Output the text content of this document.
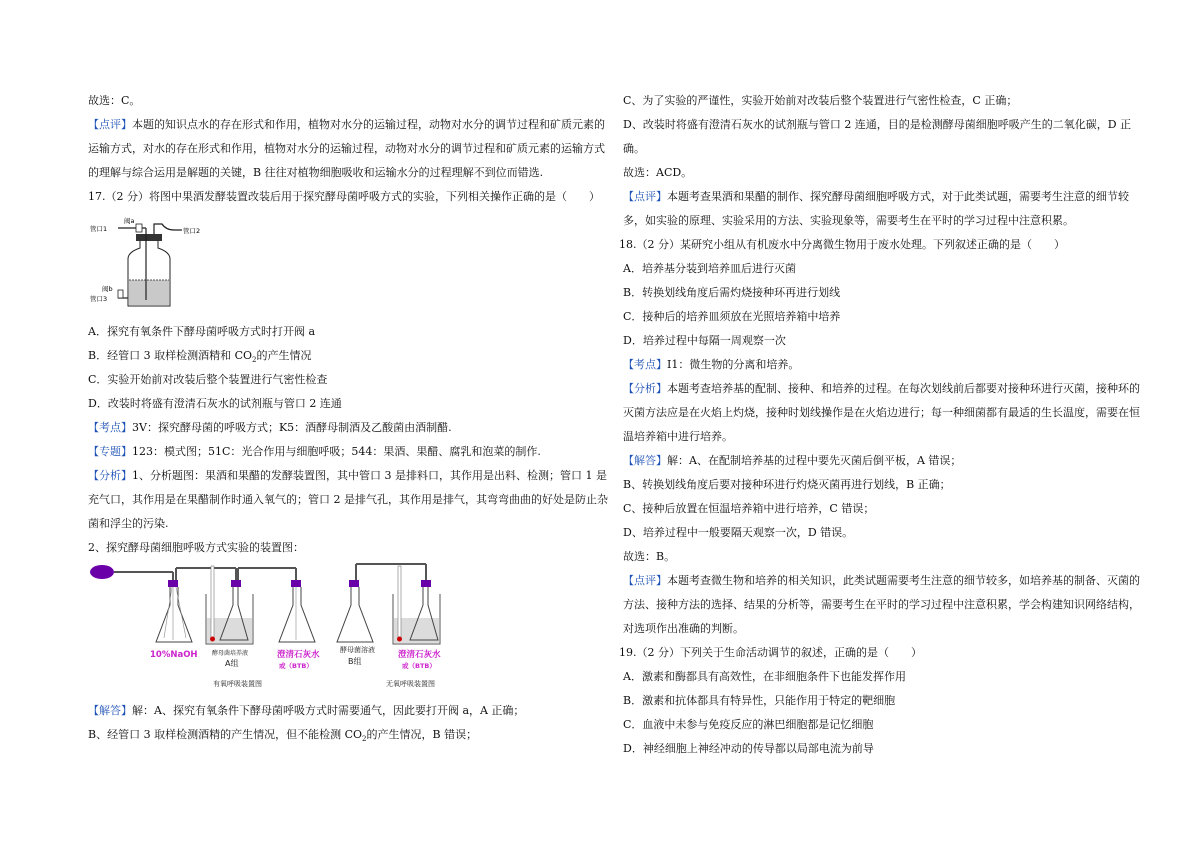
故选：C。

【点评】本题的知识点水的存在形式和作用，植物对水分的运输过程，动物对水分的调节过程和矿质元素的

运输方式，对水的存在形式和作用，植物对水分的运输过程，动物对水分的调节过程和矿质元素的运输方式

的理解与综合运用是解题的关键，B 往往对植物细胞吸收和运输水分的过程理解不到位而错选.

17.（2 分）将图中果酒发酵装置改装后用于探究酵母菌呼吸方式的实验，下列相关操作正确的是（　　）

阀a
管口1	管口2
阀b
管口3

A．探究有氧条件下酵母菌呼吸方式时打开阀 a

B．经管口 3 取样检测酒精和 $CO_2$的产生情况

C．实验开始前对改装后整个装置进行气密性检查

D．改装时将盛有澄清石灰水的试剂瓶与管口 2 连通

【考点】3V：探究酵母菌的呼吸方式；K5：酒酵母制酒及乙酸菌由酒制醋.

【专题】123：模式图；51C：光合作用与细胞呼吸；544：果酒、果醋、腐乳和泡菜的制作.

【分析】1、分析题图：果酒和果醋的发酵装置图，其中管口 3 是排料口，其作用是出料、检测；管口 1 是

充气口，其作用是在果醋制作时通入氧气的；管口 2 是排气孔，其作用是排气，其弯弯曲曲的好处是防止杂

菌和浮尘的污染.

2、探究酵母菌细胞呼吸方式实验的装置图：

10%NaOH 酵母菌培养液
A组
澄清石灰水
或（BTB）
酵母菌溶液
B组
澄清石灰水
或（BTB）
有氧呼吸装置图	无氧呼吸装置图

【解答】解：A、探究有氧条件下酵母菌呼吸方式时需要通气，因此要打开阀 a，A 正确；

B、经管口 3 取样检测酒精的产生情况，但不能检测 $CO_2$的产生情况，B 错误；

C、为了实验的严谨性，实验开始前对改装后整个装置进行气密性检查，C 正确；

D、改装时将盛有澄清石灰水的试剂瓶与管口 2 连通，目的是检测酵母菌细胞呼吸产生的二氧化碳，D 正

确。

故选：ACD。

【点评】本题考查果酒和果醋的制作、探究酵母菌细胞呼吸方式，对于此类试题，需要考生注意的细节较

多，如实验的原理、实验采用的方法、实验现象等，需要考生在平时的学习过程中注意积累。

18.（2 分）某研究小组从有机废水中分离微生物用于废水处理。下列叙述正确的是（　　）

A．培养基分装到培养皿后进行灭菌

B．转换划线角度后需灼烧接种环再进行划线

C．接种后的培养皿须放在光照培养箱中培养

D．培养过程中每隔一周观察一次

【考点】I1：微生物的分离和培养。

【分析】本题考查培养基的配制、接种、和培养的过程。在每次划线前后都要对接种环进行灭菌，接种环的

灭菌方法应是在火焰上灼烧，接种时划线操作是在火焰边进行；每一种细菌都有最适的生长温度，需要在恒

温培养箱中进行培养。

【解答】解：A、在配制培养基的过程中要先灭菌后倒平板，A 错误；

B、转换划线角度后要对接种环进行灼烧灭菌再进行划线，B 正确；

C、接种后放置在恒温培养箱中进行培养，C 错误；

D、培养过程中一般要隔天观察一次，D 错误。

故选：B。

【点评】本题考查微生物和培养的相关知识，此类试题需要考生注意的细节较多，如培养基的制备、灭菌的

方法、接种方法的选择、结果的分析等，需要考生在平时的学习过程中注意积累，学会构建知识网络结构，

对选项作出准确的判断。

19.（2 分）下列关于生命活动调节的叙述，正确的是（　　）

A．激素和酶都具有高效性，在非细胞条件下也能发挥作用

B．激素和抗体都具有特异性，只能作用于特定的靶细胞

C．血液中未参与免疫反应的淋巴细胞都是记忆细胞

D．神经细胞上神经冲动的传导都以局部电流为前导
